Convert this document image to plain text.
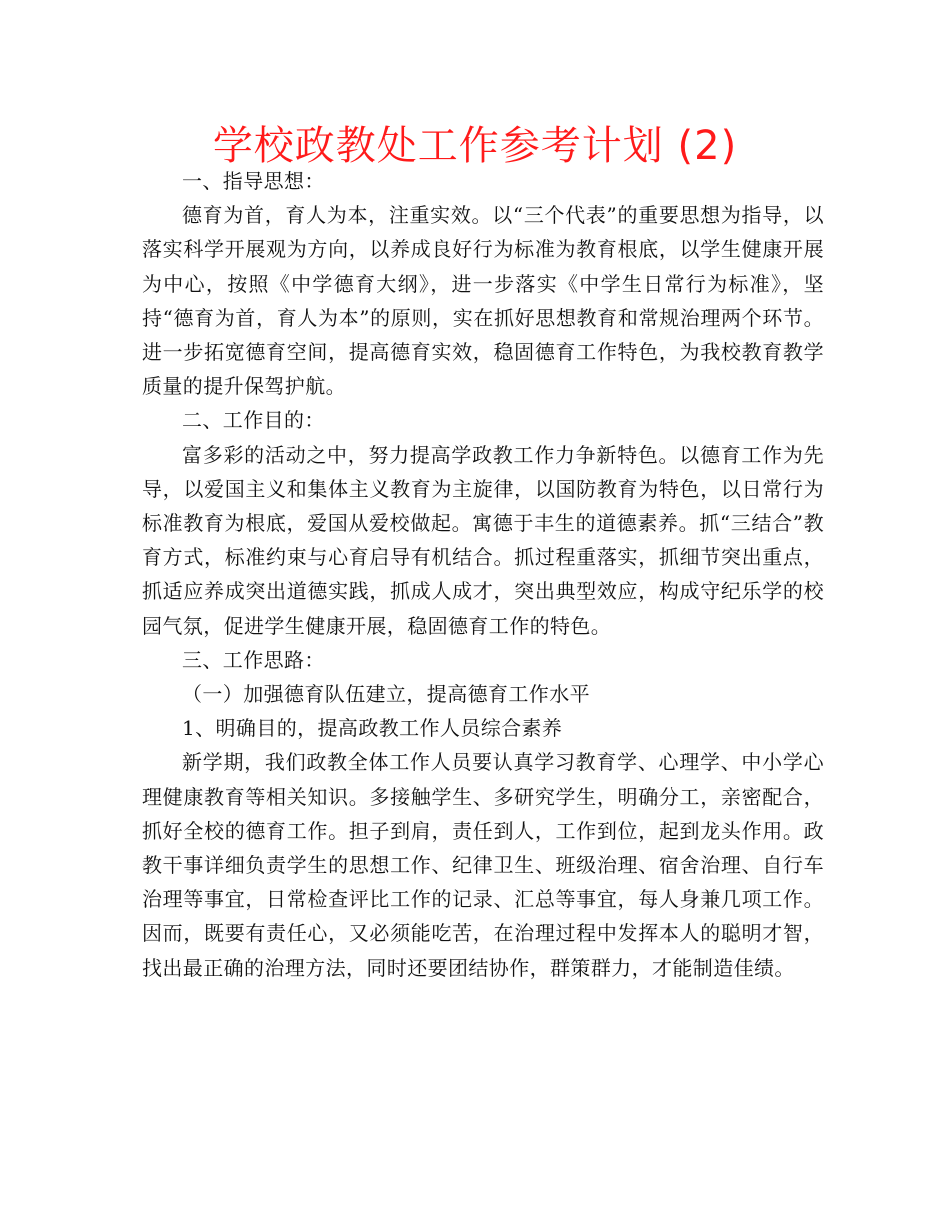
学校政教处工作参考计划 (2)

一、指导思想：

德育为首，育人为本，注重实效。以“三个代表”的重要思想为指导，以落实科学开展观为方向，以养成良好行为标准为教育根底，以学生健康开展为中心，按照《中学德育大纲》，进一步落实《中学生日常行为标准》，坚持“德育为首，育人为本”的原则，实在抓好思想教育和常规治理两个环节。进一步拓宽德育空间，提高德育实效，稳固德育工作特色，为我校教育教学质量的提升保驾护航。

二、工作目的：

富多彩的活动之中，努力提高学政教工作力争新特色。以德育工作为先导，以爱国主义和集体主义教育为主旋律，以国防教育为特色，以日常行为标准教育为根底，爱国从爱校做起。寓德于丰生的道德素养。抓“三结合”教育方式，标准约束与心育启导有机结合。抓过程重落实，抓细节突出重点，抓适应养成突出道德实践，抓成人成才，突出典型效应，构成守纪乐学的校园气氛，促进学生健康开展，稳固德育工作的特色。

三、工作思路：

（一）加强德育队伍建立，提高德育工作水平

1、明确目的，提高政教工作人员综合素养

新学期，我们政教全体工作人员要认真学习教育学、心理学、中小学心理健康教育等相关知识。多接触学生、多研究学生，明确分工，亲密配合，抓好全校的德育工作。担子到肩，责任到人，工作到位，起到龙头作用。政教干事详细负责学生的思想工作、纪律卫生、班级治理、宿舍治理、自行车治理等事宜，日常检查评比工作的记录、汇总等事宜，每人身兼几项工作。因而，既要有责任心，又必须能吃苦，在治理过程中发挥本人的聪明才智，找出最正确的治理方法，同时还要团结协作，群策群力，才能制造佳绩。
